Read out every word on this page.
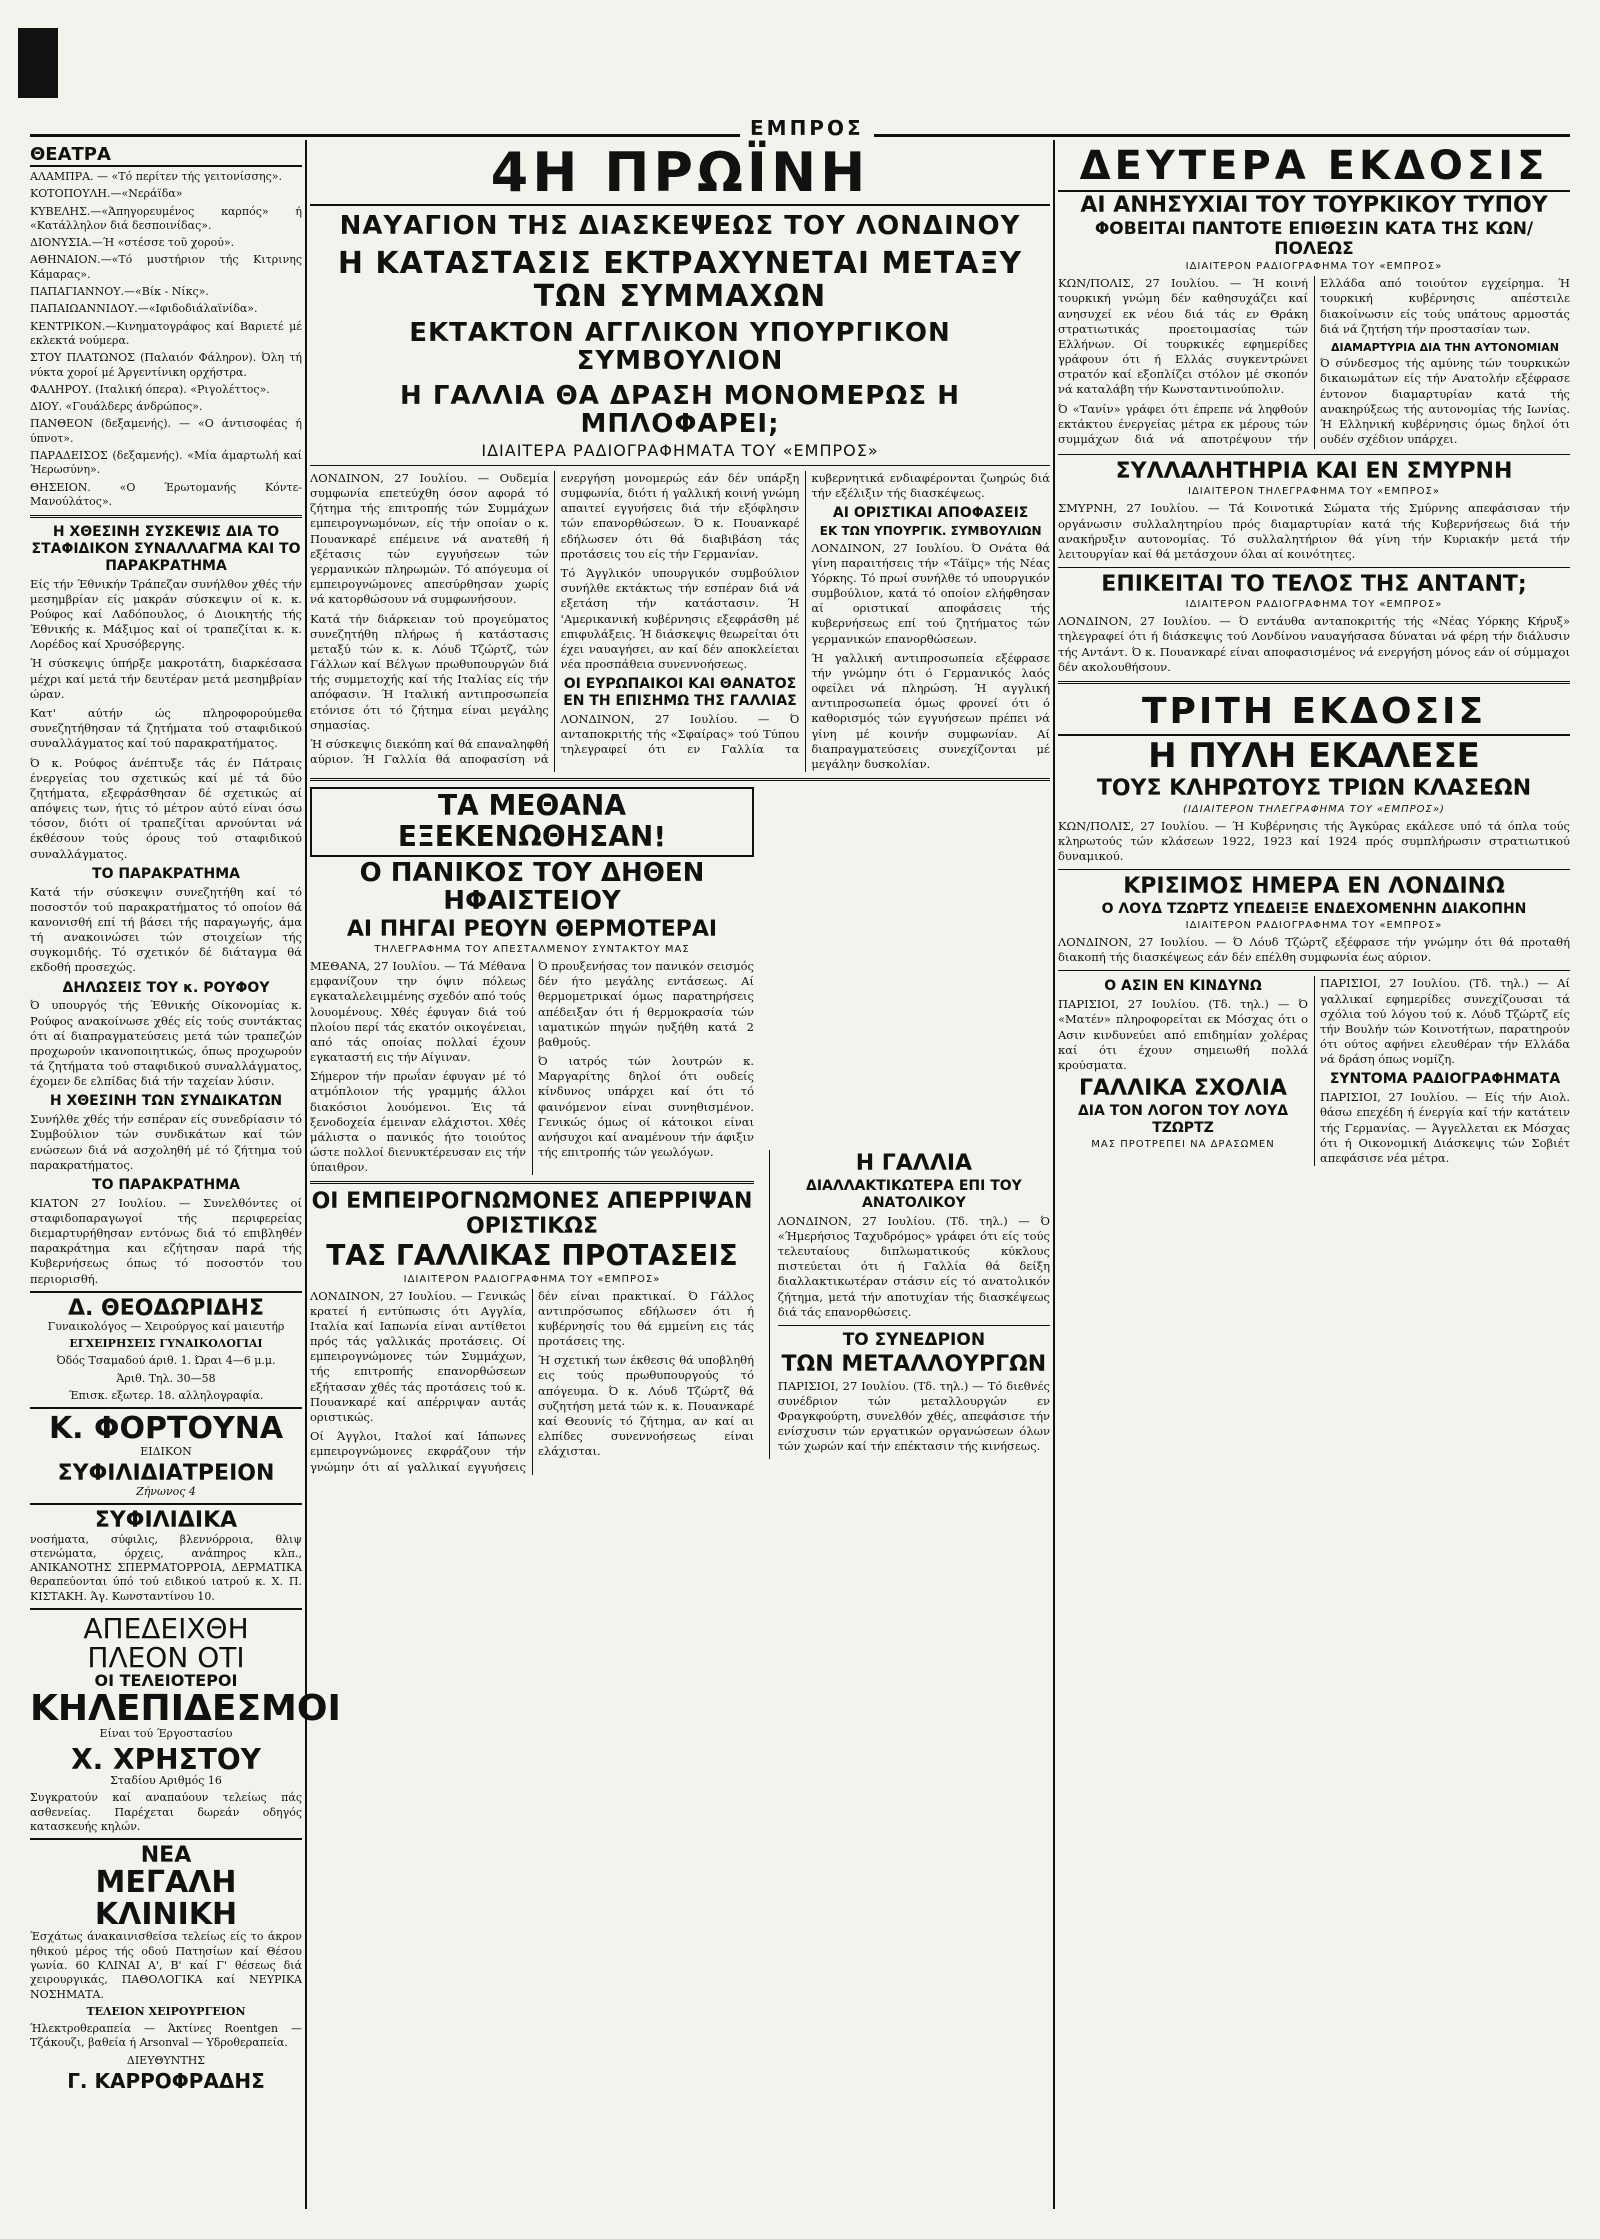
ΕΜΠΡΟΣ
ΘΕΑΤΡΑ

ΑΛΑΜΠΡΑ. — «Τό περίτεν τής γειτονίσσης».

ΚΟΤΟΠΟΥΛΗ.—«Νεράϊδα»

ΚΥΒΕΛΗΣ.—«Άπηγορευμένος καρπός» ή «Κατάλληλον διά δεσποινίδας».

ΔΙΟΝΥΣΙΑ.—Ή «στέσσε τοῦ χορού».

ΑΘΗΝΑΙΟΝ.—«Τό μυστήριον τής Κιτρινης Κάμαρας».

ΠΑΠΑΓΙΑΝΝΟΥ.—«Βίκ - Νίκς».

ΠΑΠΑΙΩΑΝΝΙΔΟΥ.—«Ιφιδοδιάλαϊνίδα».

ΚΕΝΤΡΙΚΟΝ.—Κινηματογράφος καί Βαριετέ μέ εκλεκτά νούμερα.

ΣΤΟΥ ΠΛΑΤΩΝΟΣ (Παλαιόν Φάληρον). Όλη τή νύκτα χοροί μέ Άργεντίνικη ορχήστρα.

ΦΑΛΗΡΟΥ. (Ιταλική όπερα). «Ριγολέττος».

ΔΙΟΥ. «Γουάλδερς άνδρώπος».

ΠΑΝΘΕΟΝ (δεξαμενής). — «Ο άντισοφέας ή ύπνοτ».

ΠΑΡΑΔΕΙΣΟΣ (δεξαμενής). «Μία άμαρτωλή καί Ήερωσύνη».

ΘΗΣΕΙΟΝ. «Ο Έρωτομανής Κόντε-Μανούλάτος».

Η ΧΘΕΣΙΝΗ ΣΥΣΚΕΨΙΣ ΔΙΑ ΤΟ ΣΤΑΦΙΔΙΚΟΝ ΣΥΝΑΛΛΑΓΜΑ ΚΑΙ ΤΟ ΠΑΡΑΚΡΑΤΗΜΑ

Είς τήν Έθνικήν Τράπεζαν συνήλθον χθές τήν μεσημβρίαν είς μακράν σύσκεψιν οί κ. κ. Ρούφος καί Λαδόπουλος, ό Διοικητής τής Έθνικής κ. Μάξιμος καί οί τραπεζίται κ. κ. Λορέδος καί Χρυσόβεργης.

Ή σύσκεψις ύπήρξε μακροτάτη, διαρκέσασα μέχρι καί μετά τήν δευτέραν μετά μεσημβρίαν ώραν.

Κατ' αύτήν ώς πληροφορούμεθα συνεζητήθησαν τά ζητήματα τού σταφιδικού συναλλάγματος καί τού παρακρατήματος.

Ό κ. Ρούφος άνέπτυξε τάς έν Πάτραις ένεργείας του σχετικώς καί μέ τά δύο ζητήματα, εξεφράσθησαν δέ σχετικώς αί απόψεις των, ήτις τό μέτρον αύτό είναι όσω τόσον, διότι οί τραπεζίται αρνούνται νά έκθέσουν τούς όρους τού σταφιδικού συναλλάγματος.

ΤΟ ΠΑΡΑΚΡΑΤΗΜΑ

Κατά τήν σύσκεψιν συνεζητήθη καί τό ποσοστόν τού παρακρατήματος τό οποίον θά κανονισθή επί τή βάσει τής παραγωγής, άμα τή ανακοινώσει τών στοιχείων τής συγκομιδής. Τό σχετικόν δέ διάταγμα θά εκδοθή προσεχώς.

ΔΗΛΩΣΕΙΣ ΤΟΥ κ. ΡΟΥΦΟΥ

Ό υπουργός τής Έθνικής Οίκονομίας κ. Ρούφος ανακοίνωσε χθές είς τούς συντάκτας ότι αί διαπραγματεύσεις μετά τών τραπεζών προχωρούν ικανοποιητικώς, όπως προχωρούν τά ζητήματα τού σταφιδικού συναλλάγματος, έχομεν δε ελπίδας διά τήν ταχείαν λύσιν.

Η ΧΘΕΣΙΝΗ ΤΩΝ ΣΥΝΔΙΚΑΤΩΝ

Συνήλθε χθές τήν εσπέραν είς συνεδρίασιν τό Συμβούλιον τών συνδικάτων καί τών ενώσεων διά νά ασχοληθή μέ τό ζήτημα τού παρακρατήματος.

ΤΟ ΠΑΡΑΚΡΑΤΗΜΑ

ΚΙΑΤΟΝ 27 Ιουλίου. — Συνελθόντες οί σταφιδοπαραγωγοί τής περιφερείας διεμαρτυρήθησαν εντόνως διά τό επιβληθέν παρακράτημα και εζήτησαν παρά τής Κυβερνήσεως όπως τό ποσοστόν του περιορισθή.

Δ. ΘΕΟΔΩΡΙΔΗΣ
Γυναικολόγος — Χειρούργος καί μαιευτήρ
ΕΓΧΕΙΡΗΣΕΙΣ ΓΥΝΑΙΚΟΛΟΓΙΑΙ
Όδός Τσαμαδού άριθ. 1. Ώραι 4—6 μ.μ.
Άριθ. Τηλ. 30—58
Έπισκ. εξωτερ. 18. αλληλογραφία.
Κ. ΦΟΡΤΟΥΝΑ
ΕΙΔΙΚΟΝ
ΣΥΦΙΛΙΔΙΑΤΡΕΙΟΝ
Ζήνωνος 4
ΣΥΦΙΛΙΔΙΚΑ

νοσήματα, σύφιλις, βλεννόρροια, θλιψ στενώματα, όρχεις, ανάπηρος κλπ., ΑΝΙΚΑΝΟΤΗΣ ΣΠΕΡΜΑΤΟΡΡΟΙΑ, ΔΕΡΜΑΤΙΚΑ θεραπεύονται ύπό τού ειδικού ιατρού κ. Χ. Π. ΚΙΣΤΑΚΗ. Άγ. Κωνσταντίνου 10.

ΑΠΕΔΕΙΧΘΗ
ΠΛΕΟΝ ΟΤΙ
ΟΙ ΤΕΛΕΙΟΤΕΡΟΙ
ΚΗΛΕΠΙΔΕΣΜΟΙ
Είναι τού Έργοστασίου
Χ. ΧΡΗΣΤΟΥ
Σταδίου Αριθμός 16

Συγκρατούν καί αναπαύουν τελείως πάς ασθενείας. Παρέχεται δωρεάν οδηγός κατασκευής κηλών.

ΝΕΑ
ΜΕΓΑΛΗ ΚΛΙΝΙΚΗ

Έσχάτως άνακαινισθείσα τελείως είς το άκρον ηθικού μέρος τής οδού Πατησίων καί Θέσου γωνία. 60 ΚΛΙΝΑΙ Α', Β' καί Γ' θέσεως διά χειρουργικάς, ΠΑΘΟΛΟΓΙΚΑ καί ΝΕΥΡΙΚΑ ΝΟΣΗΜΑΤΑ.

ΤΕΛΕΙΟΝ ΧΕΙΡΟΥΡΓΕΙΟΝ

Ήλεκτροθεραπεία — Άκτίνες Roentgen — Τζάκουζι, βαθεία ή Arsonval — Υδροθεραπεία.

ΔΙΕΥΘΥΝΤΗΣ
Γ. ΚΑΡΡΟΦΡΑΔΗΣ
4Η ΠΡΩΪΝΗ
ΝΑΥΑΓΙΟΝ ΤΗΣ ΔΙΑΣΚΕΨΕΩΣ ΤΟΥ ΛΟΝΔΙΝΟΥ
Η ΚΑΤΑΣΤΑΣΙΣ ΕΚΤΡΑΧΥΝΕΤΑΙ ΜΕΤΑΞΥ ΤΩΝ ΣΥΜΜΑΧΩΝ
ΕΚΤΑΚΤΟΝ ΑΓΓΛΙΚΟΝ ΥΠΟΥΡΓΙΚΟΝ ΣΥΜΒΟΥΛΙΟΝ
Η ΓΑΛΛΙΑ ΘΑ ΔΡΑΣΗ ΜΟΝΟΜΕΡΩΣ Η ΜΠΛΟΦΑΡΕΙ;
ΙΔΙΑΙΤΕΡΑ ΡΑΔΙΟΓΡΑΦΗΜΑΤΑ ΤΟΥ «ΕΜΠΡΟΣ»

ΛΟΝΔΙΝΟΝ, 27 Ιουλίου. — Ουδεμία συμφωνία επετεύχθη όσον αφορά τό ζήτημα τής επιτροπής τών Συμμάχων εμπειρογνωμόνων, είς τήν οποίαν ο κ. Πουανκαρέ επέμεινε νά ανατεθή ή εξέτασις τών εγγυήσεων τών γερμανικών πληρωμών. Τό απόγευμα οί εμπειρογνώμονες απεσύρθησαν χωρίς νά κατορθώσουν νά συμφωνήσουν.

Κατά τήν διάρκειαν τού προγεύματος συνεζητήθη πλήρως ή κατάστασις μεταξύ τών κ. κ. Λόυδ Τζώρτζ, τών Γάλλων καί Βέλγων πρωθυπουργών διά τής συμμετοχής καί τής Ιταλίας είς τήν απόφασιν. Ή Ιταλική αντιπροσωπεία ετόνισε ότι τό ζήτημα είναι μεγάλης σημασίας.

Ή σύσκεψις διεκόπη καί θά επαναληφθή αύριον. Ή Γαλλία θά αποφασίση νά ενεργήση μονομερώς εάν δέν υπάρξη συμφωνία, διότι ή γαλλική κοινή γνώμη απαιτεί εγγυήσεις διά τήν εξόφλησιν τών επανορθώσεων. Ό κ. Πουανκαρέ εδήλωσεν ότι θά διαβιβάση τάς προτάσεις του είς τήν Γερμανίαν.

Τό Άγγλικόν υπουργικόν συμβούλιον συνήλθε εκτάκτως τήν εσπέραν διά νά εξετάση τήν κατάστασιν. Ή 'Αμερικανική κυβέρνησις εξεφράσθη μέ επιφυλάξεις. Ή διάσκεψις θεωρείται ότι έχει ναυαγήσει, αν καί δέν αποκλείεται νέα προσπάθεια συνεννοήσεως.

ΟΙ ΕΥΡΩΠΑΙΚΟΙ ΚΑΙ ΘΑΝΑΤΟΣ ΕΝ ΤΗ ΕΠΙΣΗΜΩ ΤΗΣ ΓΑΛΛΙΑΣ

ΛΟΝΔΙΝΟΝ, 27 Ιουλίου. — Ό ανταποκριτής τής «Σφαίρας» τού Τύπου τηλεγραφεί ότι εν Γαλλία τα κυβερνητικά ενδιαφέρονται ζωηρώς διά τήν εξέλιξιν τής διασκέψεως.

ΑΙ ΟΡΙΣΤΙΚΑΙ ΑΠΟΦΑΣΕΙΣ
ΕΚ ΤΩΝ ΥΠΟΥΡΓΙΚ. ΣΥΜΒΟΥΛΙΩΝ

ΛΟΝΔΙΝΟΝ, 27 Ιουλίου. Ό Ονάτα θά γίνη παραιτήσεις τήν «Τάϊμς» τής Νέας Υόρκης. Τό πρωί συνήλθε τό υπουργικόν συμβούλιον, κατά τό οποίον ελήφθησαν αί οριστικαί αποφάσεις τής κυβερνήσεως επί τού ζητήματος τών γερμανικών επανορθώσεων.

Ή γαλλική αντιπροσωπεία εξέφρασε τήν γνώμην ότι ό Γερμανικός λαός οφείλει νά πληρώση. Ή αγγλική αντιπροσωπεία όμως φρονεί ότι ό καθορισμός τών εγγυήσεων πρέπει νά γίνη μέ κοινήν συμφωνίαν. Αί διαπραγματεύσεις συνεχίζονται μέ μεγάλην δυσκολίαν.

ΤΑ ΜΕΘΑΝΑ ΕΞΕΚΕΝΩΘΗΣΑΝ!
Ο ΠΑΝΙΚΟΣ ΤΟΥ ΔΗΘΕΝ ΗΦΑΙΣΤΕΙΟΥ
ΑΙ ΠΗΓΑΙ ΡΕΟΥΝ ΘΕΡΜΟΤΕΡΑΙ
ΤΗΛΕΓΡΑΦΗΜΑ ΤΟΥ ΑΠΕΣΤΑΛΜΕΝΟΥ ΣΥΝΤΑΚΤΟΥ ΜΑΣ

ΜΕΘΑΝΑ, 27 Ιουλίου. — Τά Μέθανα εμφανίζουν την όψιν πόλεως εγκαταλελειμμένης σχεδόν από τούς λουομένους. Χθές έφυγαν διά τού πλοίου περί τάς εκατόν οικογένειαι, από τάς οποίας πολλαί έχουν εγκαταστή εις τήν Αίγιναν.

Σήμερον τήν πρωΐαν έφυγαν μέ τό ατμόπλοιον τής γραμμής άλλοι διακόσιοι λουόμενοι. Έις τά ξενοδοχεία έμειναν ελάχιστοι. Χθές μάλιστα ο πανικός ήτο τοιούτος ώστε πολλοί διενυκτέρευσαν εις τήν ύπαιθρον.

Ό προυξενήσας τον πανικόν σεισμός δέν ήτο μεγάλης εντάσεως. Αί θερμομετρικαί όμως παρατηρήσεις απέδειξαν ότι ή θερμοκρασία τών ιαματικών πηγών ηυξήθη κατά 2 βαθμούς.

Ό ιατρός τών λουτρών κ. Μαργαρίτης δηλοί ότι ουδείς κίνδυνος υπάρχει καί ότι τό φαινόμενον είναι συνηθισμένον. Γενικώς όμως οί κάτοικοι είναι ανήσυχοι καί αναμένουν τήν άφιξιν τής επιτροπής τών γεωλόγων.

ΟΙ ΕΜΠΕΙΡΟΓΝΩΜΟΝΕΣ ΑΠΕΡΡΙΨΑΝ ΟΡΙΣΤΙΚΩΣ
ΤΑΣ ΓΑΛΛΙΚΑΣ ΠΡΟΤΑΣΕΙΣ
ΙΔΙΑΙΤΕΡΟΝ ΡΑΔΙΟΓΡΑΦΗΜΑ ΤΟΥ «ΕΜΠΡΟΣ»

ΛΟΝΔΙΝΟΝ, 27 Ιουλίου. — Γενικώς κρατεί ή εντύπωσις ότι Αγγλία, Ιταλία καί Ιαπωνία είναι αντίθετοι πρός τάς γαλλικάς προτάσεις. Οί εμπειρογνώμονες τών Συμμάχων, τής επιτροπής επανορθώσεων εξήτασαν χθές τάς προτάσεις τού κ. Πουανκαρέ καί απέρριψαν αυτάς οριστικώς.

Οί Άγγλοι, Ιταλοί καί Ιάπωνες εμπειρογνώμονες εκφράζουν τήν γνώμην ότι αί γαλλικαί εγγυήσεις δέν είναι πρακτικαί. Ό Γάλλος αντιπρόσωπος εδήλωσεν ότι ή κυβέρνησίς του θά εμμείνη εις τάς προτάσεις της.

Ή σχετική των έκθεσις θά υποβληθή εις τούς πρωθυπουργούς τό απόγευμα. Ό κ. Λόυδ Τζώρτζ θά συζητήση μετά τών κ. κ. Πουανκαρέ καί Θεουνίς τό ζήτημα, αν καί αι ελπίδες συνεννοήσεως είναι ελάχισται.

Η ΓΑΛΛΙΑ
ΔΙΑΛΛΑΚΤΙΚΩΤΕΡΑ ΕΠΙ ΤΟΥ ΑΝΑΤΟΛΙΚΟΥ

ΛΟΝΔΙΝΟΝ, 27 Ιουλίου. (Τδ. τηλ.) — Ό «Ήμερήσιος Ταχυδρόμος» γράφει ότι είς τούς τελευταίους διπλωματικούς κύκλους πιστεύεται ότι ή Γαλλία θά δείξη διαλλακτικωτέραν στάσιν είς τό ανατολικόν ζήτημα, μετά τήν αποτυχίαν τής διασκέψεως διά τάς επανορθώσεις.

ΤΟ ΣΥΝΕΔΡΙΟΝ
ΤΩΝ ΜΕΤΑΛΛΟΥΡΓΩΝ

ΠΑΡΙΣΙΟΙ, 27 Ιουλίου. (Τδ. τηλ.) — Τό διεθνές συνέδριον τών μεταλλουργών εν Φραγκφούρτη, συνελθόν χθές, απεφάσισε τήν ενίσχυσιν τών εργατικών οργανώσεων όλων τών χωρών καί τήν επέκτασιν τής κινήσεως.

ΔΕΥΤΕΡΑ ΕΚΔΟΣΙΣ
ΑΙ ΑΝΗΣΥΧΙΑΙ ΤΟΥ ΤΟΥΡΚΙΚΟΥ ΤΥΠΟΥ
ΦΟΒΕΙΤΑΙ ΠΑΝΤΟΤΕ ΕΠΙΘΕΣΙΝ ΚΑΤΑ ΤΗΣ ΚΩΝ/ΠΟΛΕΩΣ
ΙΔΙΑΙΤΕΡΟΝ ΡΑΔΙΟΓΡΑΦΗΜΑ ΤΟΥ «ΕΜΠΡΟΣ»

ΚΩΝ/ΠΟΛΙΣ, 27 Ιουλίου. — Ή κοινή τουρκική γνώμη δέν καθησυχάζει καί ανησυχεί εκ νέου διά τάς εν Θράκη στρατιωτικάς προετοιμασίας τών Ελλήνων. Οί τουρκικές εφημερίδες γράφουν ότι ή Ελλάς συγκεντρώνει στρατόν καί εξοπλίζει στόλον μέ σκοπόν νά καταλάβη τήν Κωνσταντινούπολιν.

Ό «Τανίν» γράφει ότι έπρεπε νά ληφθούν εκτάκτου ένεργείας μέτρα εκ μέρους τών συμμάχων διά νά αποτρέψουν τήν Ελλάδα από τοιούτον εγχείρημα. Ή τουρκική κυβέρνησις απέστειλε διακοίνωσιν είς τούς υπάτους αρμοστάς διά νά ζητήση τήν προστασίαν των.

ΔΙΑΜΑΡΤΥΡΙΑ ΔΙΑ ΤΗΝ ΑΥΤΟΝΟΜΙΑΝ

Ό σύνδεσμος τής αμύνης τών τουρκικών δικαιωμάτων είς τήν Ανατολήν εξέφρασε έντονον διαμαρτυρίαν κατά τής ανακηρύξεως τής αυτονομίας τής Ιωνίας. Ή Ελληνική κυβέρνησις όμως δηλοί ότι ουδέν σχέδιον υπάρχει.

ΣΥΛΛΑΛΗΤΗΡΙΑ ΚΑΙ ΕΝ ΣΜΥΡΝΗ
ΙΔΙΑΙΤΕΡΟΝ ΤΗΛΕΓΡΑΦΗΜΑ ΤΟΥ «ΕΜΠΡΟΣ»

ΣΜΥΡΝΗ, 27 Ιουλίου. — Τά Κοινοτικά Σώματα τής Σμύρνης απεφάσισαν τήν οργάνωσιν συλλαλητηρίου πρός διαμαρτυρίαν κατά τής Κυβερνήσεως διά τήν ανακήρυξιν αυτονομίας. Τό συλλαλητήριον θά γίνη τήν Κυριακήν μετά τήν λειτουργίαν καί θά μετάσχουν όλαι αί κοινότητες.

ΕΠΙΚΕΙΤΑΙ ΤΟ ΤΕΛΟΣ ΤΗΣ ΑΝΤΑΝΤ;
ΙΔΙΑΙΤΕΡΟΝ ΡΑΔΙΟΓΡΑΦΗΜΑ ΤΟΥ «ΕΜΠΡΟΣ»

ΛΟΝΔΙΝΟΝ, 27 Ιουλίου. — Ό εντάυθα ανταποκριτής τής «Νέας Υόρκης Κήρυξ» τηλεγραφεί ότι ή διάσκεψις τού Λονδίνου ναυαγήσασα δύναται νά φέρη τήν διάλυσιν τής Αντάντ. Ό κ. Πουανκαρέ είναι αποφασισμένος νά ενεργήση μόνος εάν οί σύμμαχοι δέν ακολουθήσουν.

ΤΡΙΤΗ ΕΚΔΟΣΙΣ
Η ΠΥΛΗ ΕΚΑΛΕΣΕ
ΤΟΥΣ ΚΛΗΡΩΤΟΥΣ ΤΡΙΩΝ ΚΛΑΣΕΩΝ
(ΙΔΙΑΙΤΕΡΟΝ ΤΗΛΕΓΡΑΦΗΜΑ ΤΟΥ «ΕΜΠΡΟΣ»)

ΚΩΝ/ΠΟΛΙΣ, 27 Ιουλίου. — Ή Κυβέρνησις τής Άγκύρας εκάλεσε υπό τά όπλα τούς κληρωτούς τών κλάσεων 1922, 1923 καί 1924 πρός συμπλήρωσιν στρατιωτικού δυναμικού.

ΚΡΙΣΙΜΟΣ ΗΜΕΡΑ ΕΝ ΛΟΝΔΙΝΩ
Ο ΛΟΥΔ ΤΖΩΡΤΖ ΥΠΕΔΕΙΞΕ ΕΝΔΕΧΟΜΕΝΗΝ ΔΙΑΚΟΠΗΝ
ΙΔΙΑΙΤΕΡΟΝ ΡΑΔΙΟΓΡΑΦΗΜΑ ΤΟΥ «ΕΜΠΡΟΣ»

ΛΟΝΔΙΝΟΝ, 27 Ιουλίου. — Ό Λόυδ Τζώρτζ εξέφρασε τήν γνώμην ότι θά προταθή διακοπή τής διασκέψεως εάν δέν επέλθη συμφωνία έως αύριον.

Ο ΑΣΙΝ ΕΝ ΚΙΝΔΥΝΩ

ΠΑΡΙΣΙΟΙ, 27 Ιουλίου. (Τδ. τηλ.) — Ό «Ματέν» πληροφορείται εκ Μόσχας ότι ο Ασιν κινδυνεύει από επιδημίαν χολέρας καί ότι έχουν σημειωθή πολλά κρούσματα.

ΓΑΛΛΙΚΑ ΣΧΟΛΙΑ
ΔΙΑ ΤΟΝ ΛΟΓΟΝ ΤΟΥ ΛΟΥΔ ΤΖΩΡΤΖ
ΜΑΣ ΠΡΟΤΡΕΠΕΙ ΝΑ ΔΡΑΣΩΜΕΝ

ΠΑΡΙΣΙΟΙ, 27 Ιουλίου. (Τδ. τηλ.) — Αί γαλλικαί εφημερίδες συνεχίζουσαι τά σχόλια τού λόγου τού κ. Λόυδ Τζώρτζ είς τήν Βουλήν τών Κοινοτήτων, παρατηρούν ότι ούτος αφήνει ελευθέραν τήν Ελλάδα νά δράση όπως νομίζη.

ΣΥΝΤΟΜΑ ΡΑΔΙΟΓΡΑΦΗΜΑΤΑ

ΠΑΡΙΣΙΟΙ, 27 Ιουλίου. — Είς τήν Αιολ. θάσω επεχέδη ή ένεργία καί τήν κατάτειν τής Γερμανίας. — Άγγελλεται εκ Μόσχας ότι ή Οικονομική Διάσκεψις τών Σοβιέτ απεφάσισε νέα μέτρα.
